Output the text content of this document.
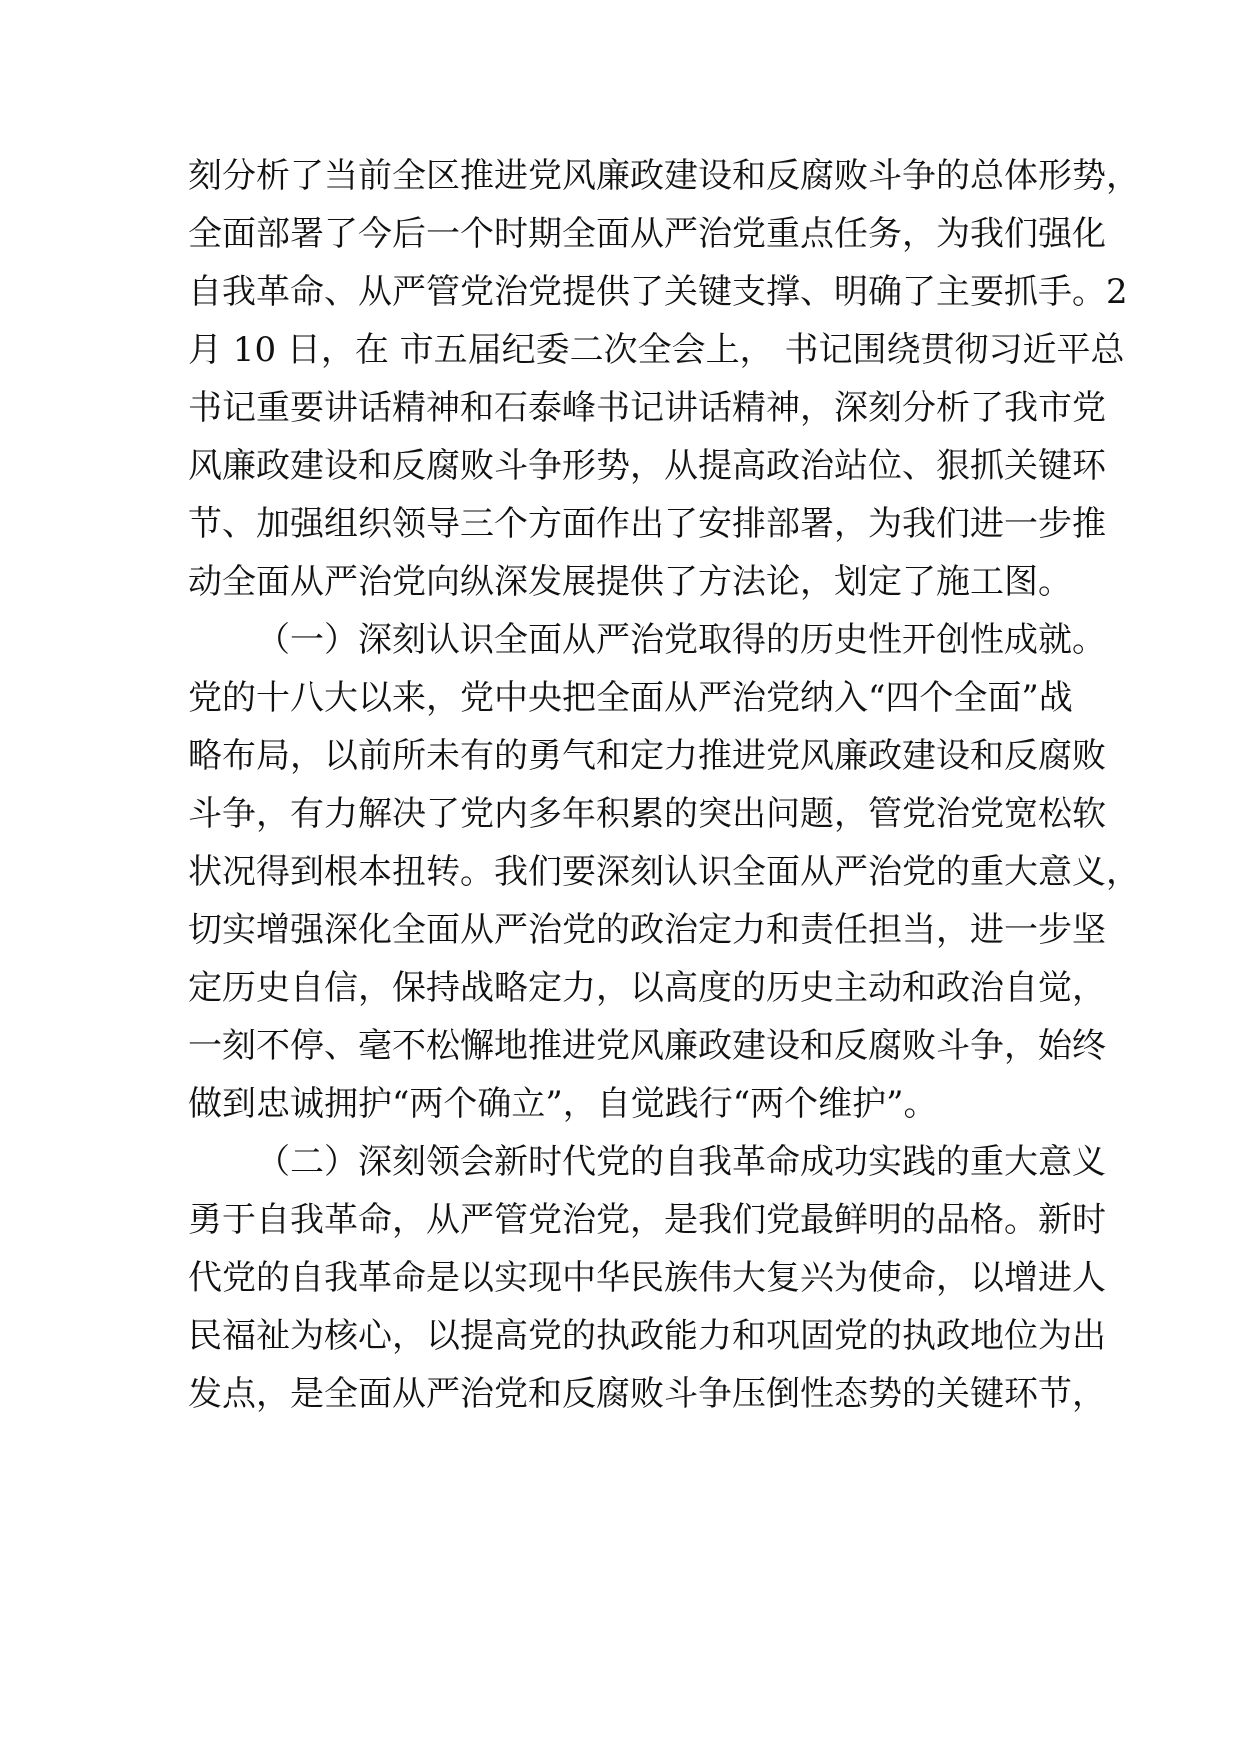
刻分析了当前全区推进党风廉政建设和反腐败斗争的总体形势，
全面部署了今后一个时期全面从严治党重点任务，为我们强化
自我革命、从严管党治党提供了关键支撑、明确了主要抓手。2
月 10 日，在 市五届纪委二次全会上， 书记围绕贯彻习近平总
书记重要讲话精神和石泰峰书记讲话精神，深刻分析了我市党
风廉政建设和反腐败斗争形势，从提高政治站位、狠抓关键环
节、加强组织领导三个方面作出了安排部署，为我们进一步推
动全面从严治党向纵深发展提供了方法论，划定了施工图。
（一）深刻认识全面从严治党取得的历史性开创性成就。
党的十八大以来，党中央把全面从严治党纳入“四个全面”战
略布局，以前所未有的勇气和定力推进党风廉政建设和反腐败
斗争，有力解决了党内多年积累的突出问题，管党治党宽松软
状况得到根本扭转。我们要深刻认识全面从严治党的重大意义，
切实增强深化全面从严治党的政治定力和责任担当，进一步坚
定历史自信，保持战略定力，以高度的历史主动和政治自觉，
一刻不停、毫不松懈地推进党风廉政建设和反腐败斗争，始终
做到忠诚拥护“两个确立”，自觉践行“两个维护”。
（二）深刻领会新时代党的自我革命成功实践的重大意义
勇于自我革命，从严管党治党，是我们党最鲜明的品格。新时
代党的自我革命是以实现中华民族伟大复兴为使命，以增进人
民福祉为核心，以提高党的执政能力和巩固党的执政地位为出
发点，是全面从严治党和反腐败斗争压倒性态势的关键环节，
